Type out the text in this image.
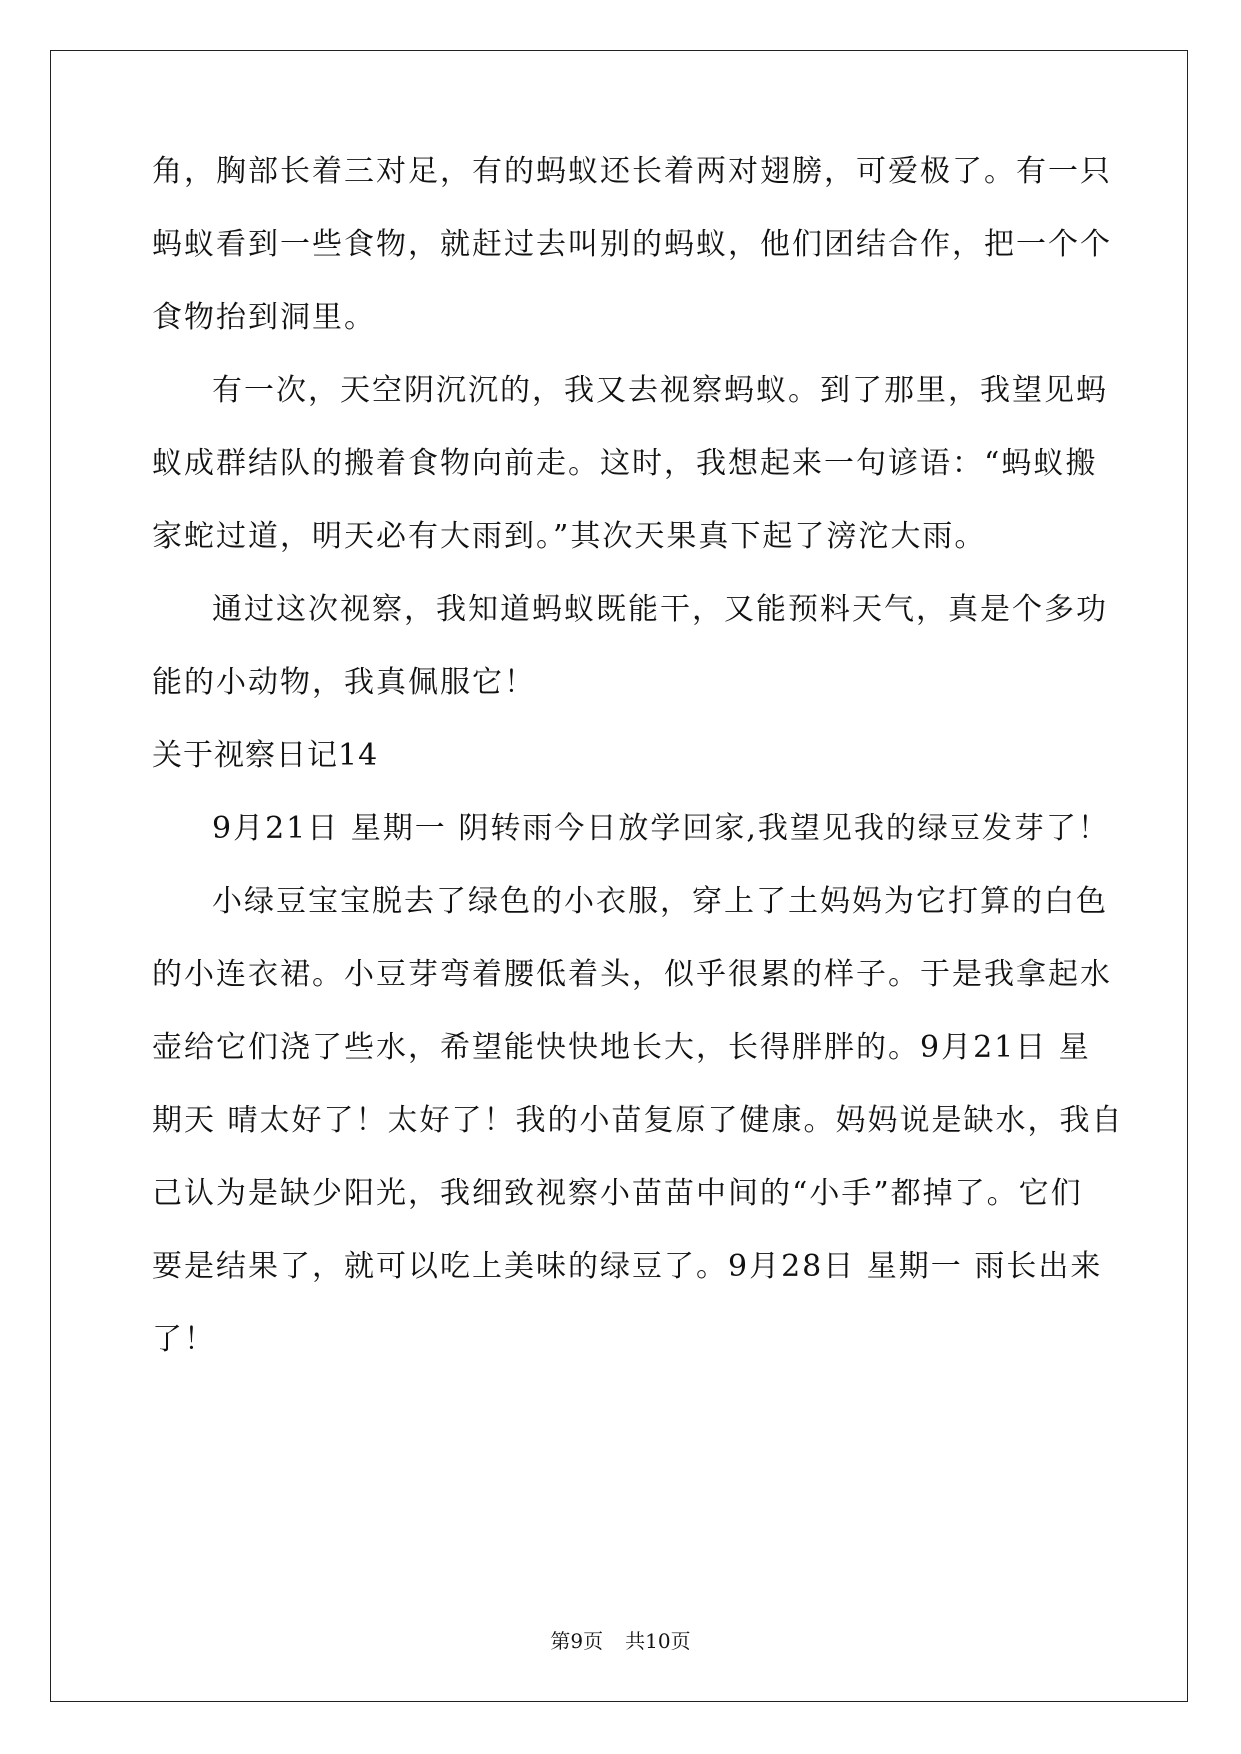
角，胸部长着三对足，有的蚂蚁还长着两对翅膀，可爱极了。有一只
蚂蚁看到一些食物，就赶过去叫别的蚂蚁，他们团结合作，把一个个
食物抬到洞里。
有一次，天空阴沉沉的，我又去视察蚂蚁。到了那里，我望见蚂
蚁成群结队的搬着食物向前走。这时，我想起来一句谚语：“蚂蚁搬
家蛇过道，明天必有大雨到。”其次天果真下起了滂沱大雨。
通过这次视察，我知道蚂蚁既能干，又能预料天气，真是个多功
能的小动物，我真佩服它！
关于视察日记14
9月21日 星期一 阴转雨今日放学回家,我望见我的绿豆发芽了！
小绿豆宝宝脱去了绿色的小衣服，穿上了土妈妈为它打算的白色
的小连衣裙。小豆芽弯着腰低着头，似乎很累的样子。于是我拿起水
壶给它们浇了些水，希望能快快地长大，长得胖胖的。9月21日 星
期天 晴太好了！太好了！我的小苗复原了健康。妈妈说是缺水，我自
己认为是缺少阳光，我细致视察小苗苗中间的“小手”都掉了。它们
要是结果了，就可以吃上美味的绿豆了。9月28日 星期一 雨长出来
了！
第9页 共10页
